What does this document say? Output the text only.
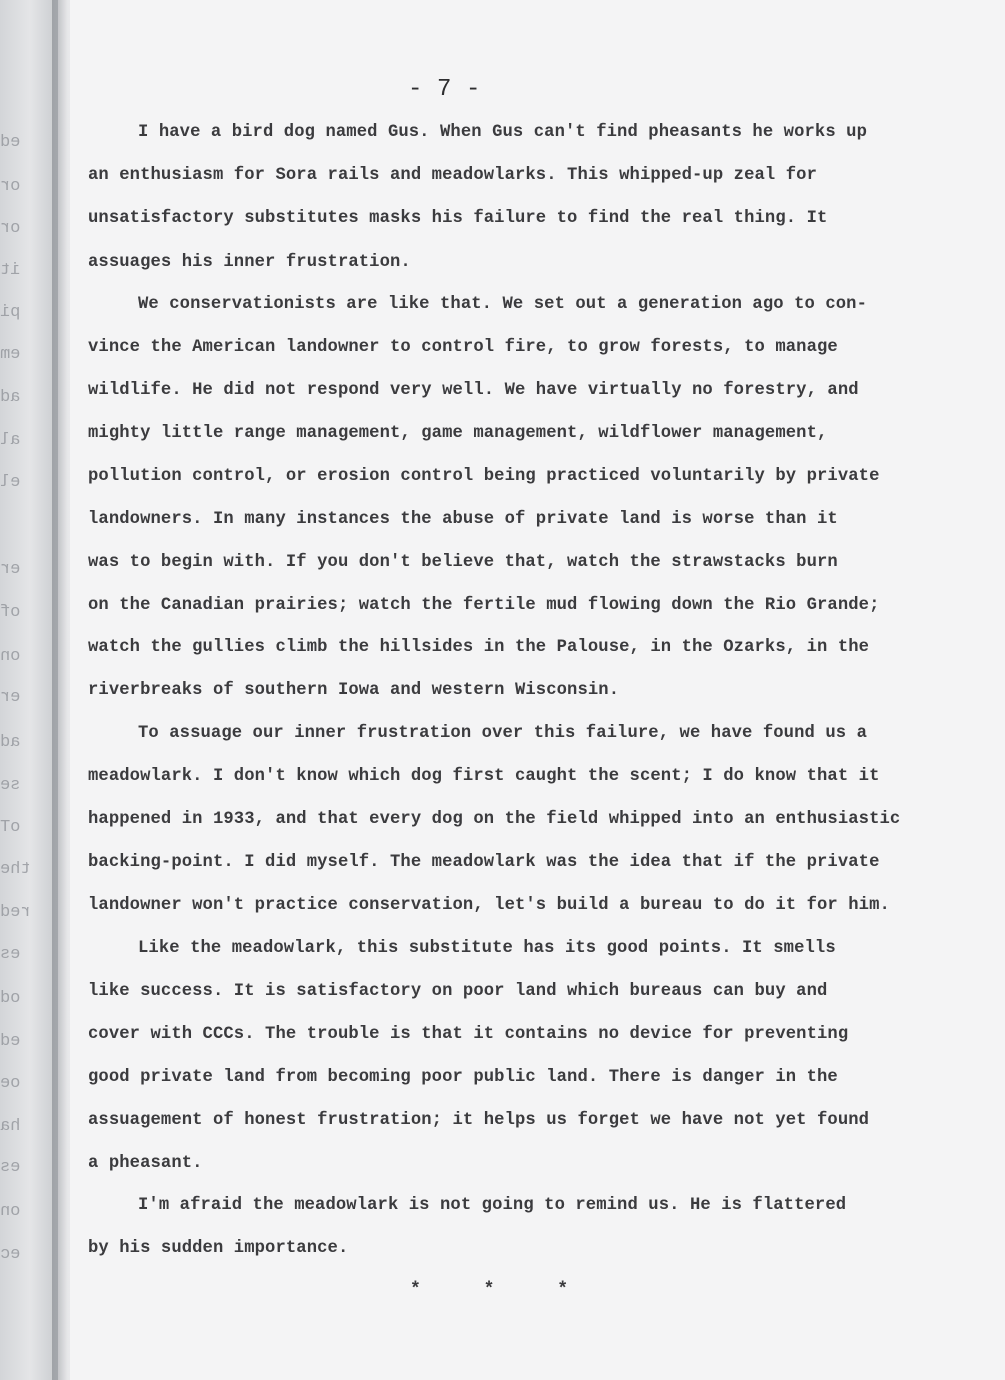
ed
or
or
it
pi
em
ad
al
el
er
of
on
er
ad
se
oT
the
red
es
od
ed
oe
ha
es
on
ec
- 7 -
I have a bird dog named Gus. When Gus can't find pheasants he works up
an enthusiasm for Sora rails and meadowlarks. This whipped-up zeal for
unsatisfactory substitutes masks his failure to find the real thing. It
assuages his inner frustration.
We conservationists are like that. We set out a generation ago to con-
vince the American landowner to control fire, to grow forests, to manage
wildlife. He did not respond very well. We have virtually no forestry, and
mighty little range management, game management, wildflower management,
pollution control, or erosion control being practiced voluntarily by private
landowners. In many instances the abuse of private land is worse than it
was to begin with. If you don't believe that, watch the strawstacks burn
on the Canadian prairies; watch the fertile mud flowing down the Rio Grande;
watch the gullies climb the hillsides in the Palouse, in the Ozarks, in the
riverbreaks of southern Iowa and western Wisconsin.
To assuage our inner frustration over this failure, we have found us a
meadowlark. I don't know which dog first caught the scent; I do know that it
happened in 1933, and that every dog on the field whipped into an enthusiastic
backing-point. I did myself. The meadowlark was the idea that if the private
landowner won't practice conservation, let's build a bureau to do it for him.
Like the meadowlark, this substitute has its good points. It smells
like success. It is satisfactory on poor land which bureaus can buy and
cover with CCCs. The trouble is that it contains no device for preventing
good private land from becoming poor public land. There is danger in the
assuagement of honest frustration; it helps us forget we have not yet found
a pheasant.
I'm afraid the meadowlark is not going to remind us. He is flattered
by his sudden importance.
* * *
